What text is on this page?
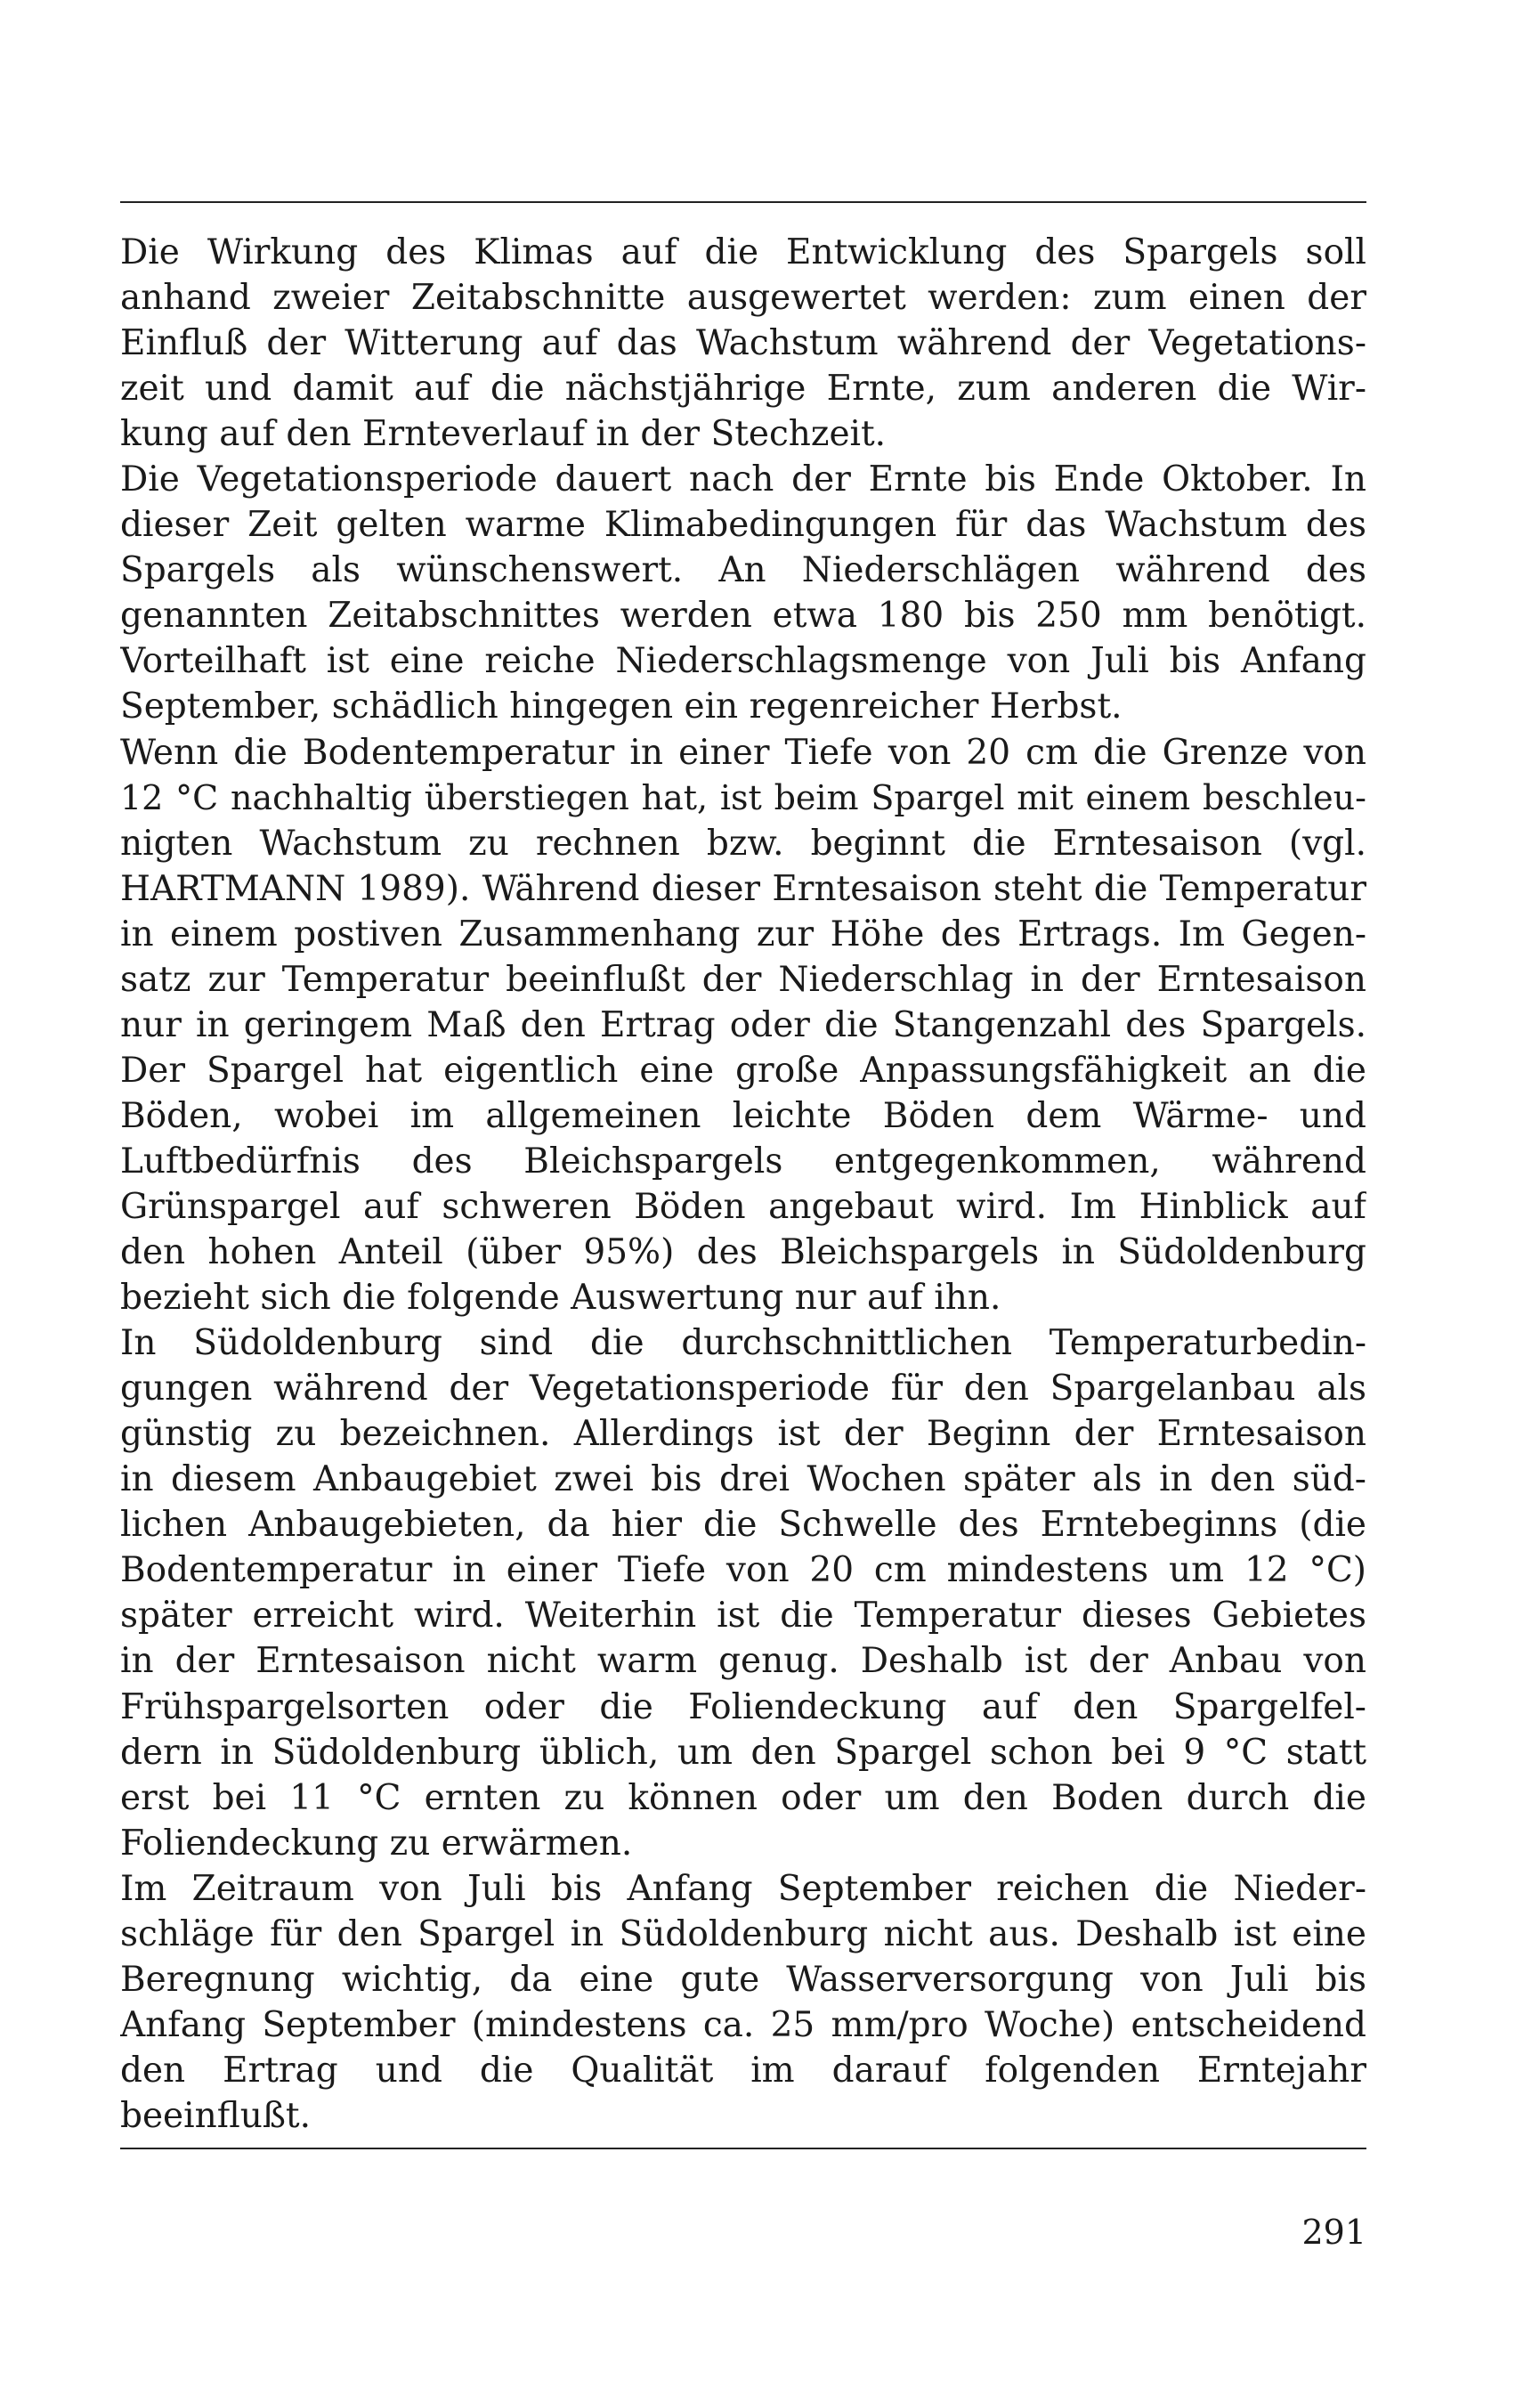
Die Wirkung des Klimas auf die Entwicklung des Spargels soll
anhand zweier Zeitabschnitte ausgewertet werden: zum einen der
Einfluß der Witterung auf das Wachstum während der Vegetations-
zeit und damit auf die nächstjährige Ernte, zum anderen die Wir-
kung auf den Ernteverlauf in der Stechzeit.
Die Vegetationsperiode dauert nach der Ernte bis Ende Oktober. In
dieser Zeit gelten warme Klimabedingungen für das Wachstum des
Spargels als wünschenswert. An Niederschlägen während des
genannten Zeitabschnittes werden etwa 180 bis 250 mm benötigt.
Vorteilhaft ist eine reiche Niederschlagsmenge von Juli bis Anfang
September, schädlich hingegen ein regenreicher Herbst.
Wenn die Bodentemperatur in einer Tiefe von 20 cm die Grenze von
12 °C nachhaltig überstiegen hat, ist beim Spargel mit einem beschleu-
nigten Wachstum zu rechnen bzw. beginnt die Erntesaison (vgl.
HARTMANN 1989). Während dieser Erntesaison steht die Temperatur
in einem postiven Zusammenhang zur Höhe des Ertrags. Im Gegen-
satz zur Temperatur beeinflußt der Niederschlag in der Erntesaison
nur in geringem Maß den Ertrag oder die Stangenzahl des Spargels.
Der Spargel hat eigentlich eine große Anpassungsfähigkeit an die
Böden, wobei im allgemeinen leichte Böden dem Wärme- und
Luftbedürfnis des Bleichspargels entgegenkommen, während
Grünspargel auf schweren Böden angebaut wird. Im Hinblick auf
den hohen Anteil (über 95%) des Bleichspargels in Südoldenburg
bezieht sich die folgende Auswertung nur auf ihn.
In Südoldenburg sind die durchschnittlichen Temperaturbedin-
gungen während der Vegetationsperiode für den Spargelanbau als
günstig zu bezeichnen. Allerdings ist der Beginn der Erntesaison
in diesem Anbaugebiet zwei bis drei Wochen später als in den süd-
lichen Anbaugebieten, da hier die Schwelle des Erntebeginns (die
Bodentemperatur in einer Tiefe von 20 cm mindestens um 12 °C)
später erreicht wird. Weiterhin ist die Temperatur dieses Gebietes
in der Erntesaison nicht warm genug. Deshalb ist der Anbau von
Frühspargelsorten oder die Foliendeckung auf den Spargelfel-
dern in Südoldenburg üblich, um den Spargel schon bei 9 °C statt
erst bei 11 °C ernten zu können oder um den Boden durch die
Foliendeckung zu erwärmen.
Im Zeitraum von Juli bis Anfang September reichen die Nieder-
schläge für den Spargel in Südoldenburg nicht aus. Deshalb ist eine
Beregnung wichtig, da eine gute Wasserversorgung von Juli bis
Anfang September (mindestens ca. 25 mm/pro Woche) entscheidend
den Ertrag und die Qualität im darauf folgenden Erntejahr
beeinflußt.
291
